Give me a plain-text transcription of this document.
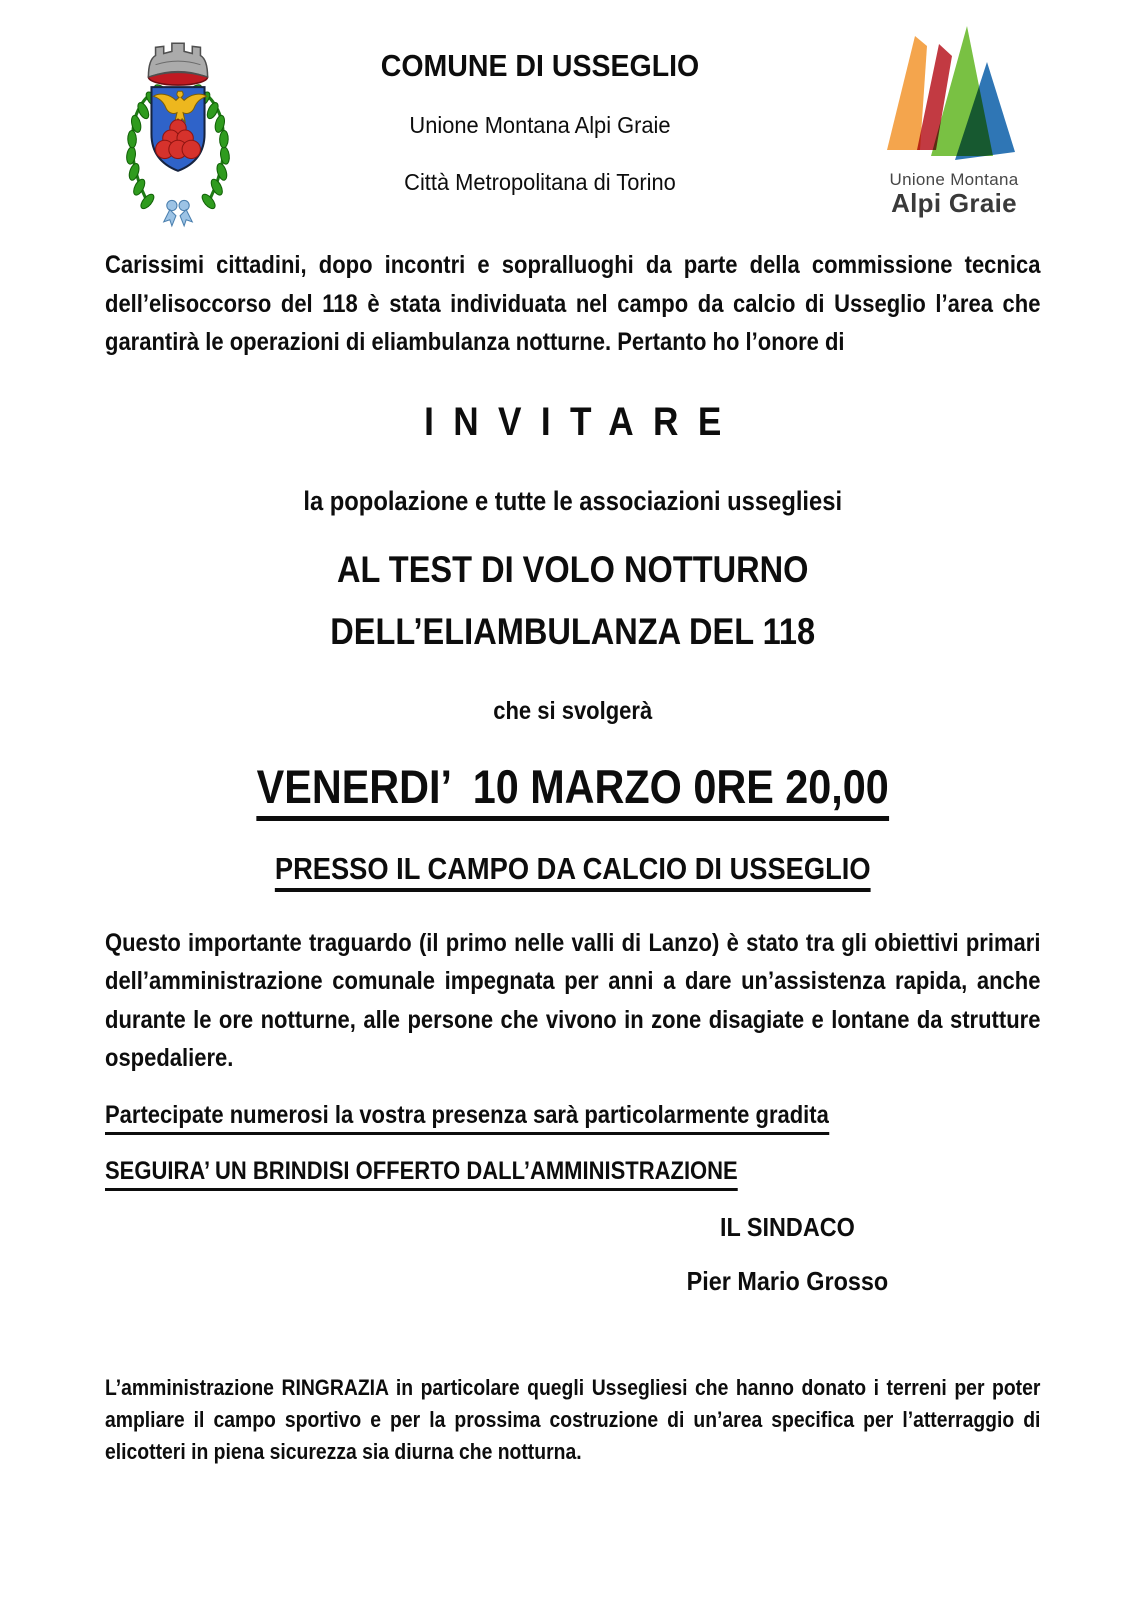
COMUNE DI USSEGLIO
Unione Montana Alpi Graie
Città Metropolitana di Torino	Unione Montana
Alpi Graie

Carissimi cittadini, dopo incontri e sopralluoghi da parte della commissione tecnica dell’elisoccorso del 118 è stata individuata nel campo da calcio di Usseglio l’area che garantirà le operazioni di eliambulanza notturne. Pertanto ho l’onore di

INVITARE
la popolazione e tutte le associazioni ussegliesi
AL TEST DI VOLO NOTTURNO
DELL’ELIAMBULANZA DEL 118
che si svolgerà
VENERDI’  10 MARZO 0RE 20,00
PRESSO IL CAMPO DA CALCIO DI USSEGLIO

Questo importante traguardo (il primo nelle valli di Lanzo) è stato tra gli obiettivi primari dell’amministrazione comunale impegnata per anni a dare un’assistenza rapida, anche durante le ore notturne, alle persone che vivono in zone disagiate e lontane da strutture ospedaliere.

Partecipate numerosi la vostra presenza sarà particolarmente gradita
SEGUIRA’ UN BRINDISI OFFERTO DALL’AMMINISTRAZIONE
IL SINDACO
Pier Mario Grosso

L’amministrazione RINGRAZIA in particolare quegli Ussegliesi che hanno donato i terreni per poter ampliare il campo sportivo e per la prossima costruzione di un’area specifica per l’atterraggio di elicotteri in piena sicurezza sia diurna che notturna.
